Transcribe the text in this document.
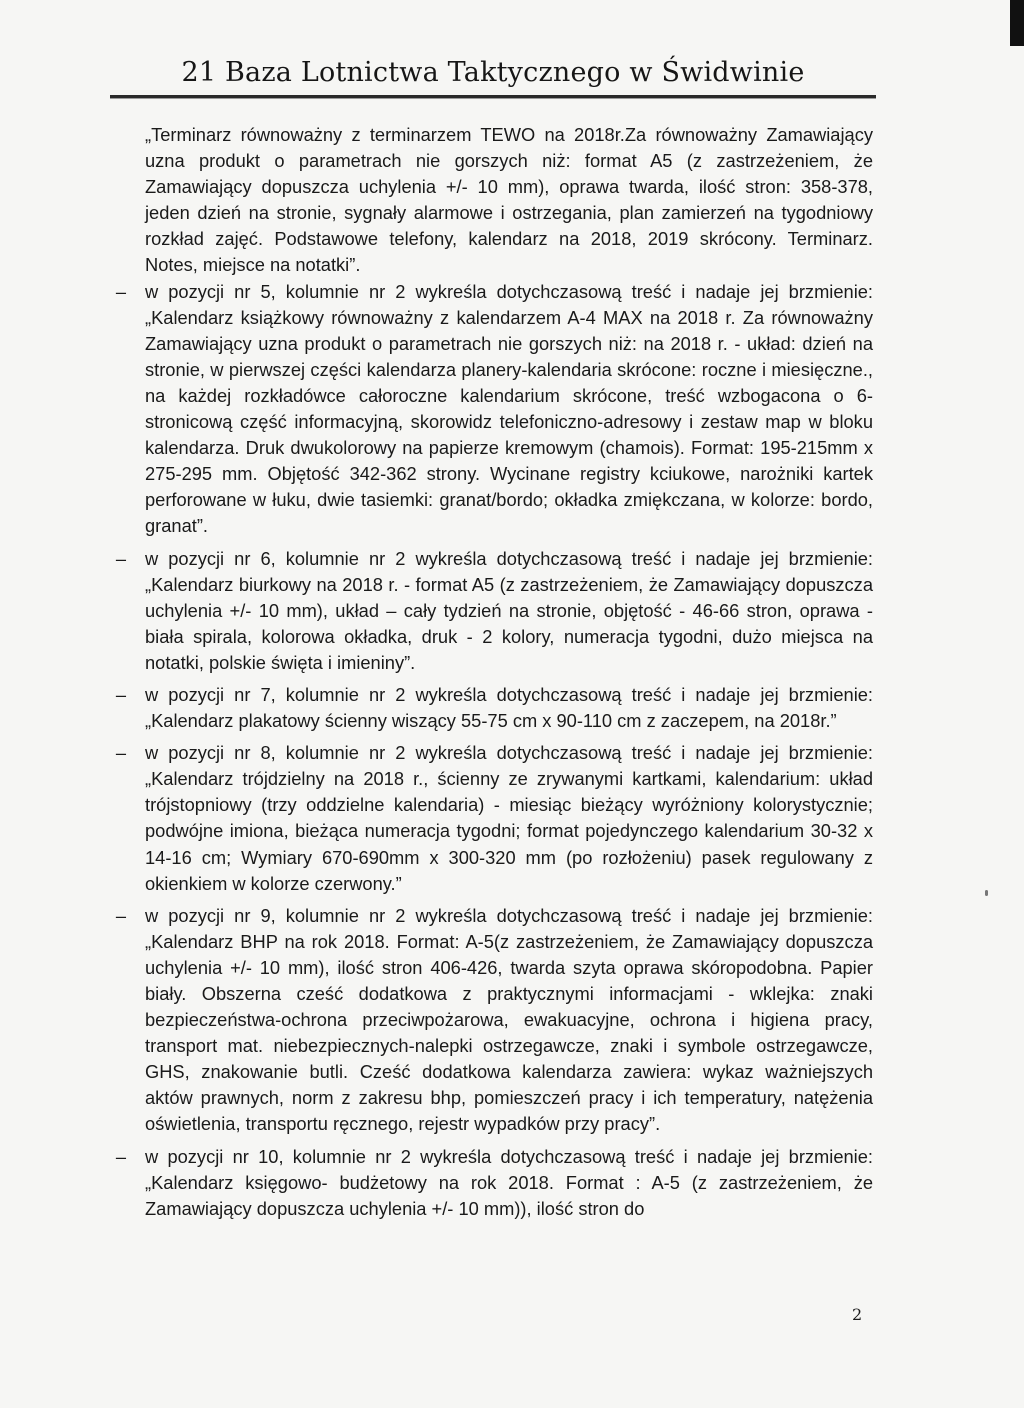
21 Baza Lotnictwa Taktycznego w Świdwinie

„Terminarz równoważny z terminarzem TEWO na 2018r.Za równoważny Zamawiający uzna produkt o parametrach nie gorszych niż: format A5 (z zastrzeżeniem, że Zamawiający dopuszcza uchylenia +/- 10 mm), oprawa twarda, ilość stron: 358-378, jeden dzień na stronie, sygnały alarmowe i ostrzegania, plan zamierzeń na tygodniowy rozkład zajęć. Podstawowe telefony, kalendarz na 2018, 2019 skrócony. Terminarz. Notes, miejsce na notatki”.

– w pozycji nr 5, kolumnie nr 2 wykreśla dotychczasową treść i nadaje jej brzmienie: „Kalendarz książkowy równoważny z kalendarzem A-4 MAX na 2018 r. Za równoważny Zamawiający uzna produkt o parametrach nie gorszych niż: na 2018 r. - układ: dzień na stronie, w pierwszej części kalendarza planery-kalendaria skrócone: roczne i miesięczne., na każdej rozkładówce całoroczne kalendarium skrócone, treść wzbogacona o 6-stronicową część informacyjną, skorowidz telefoniczno-adresowy i zestaw map w bloku kalendarza. Druk dwukolorowy na papierze kremowym (chamois). Format: 195-215mm x 275-295 mm. Objętość 342-362 strony. Wycinane registry kciukowe, narożniki kartek perforowane w łuku, dwie tasiemki: granat/bordo; okładka zmiękczana, w kolorze: bordo, granat”.
– w pozycji nr 6, kolumnie nr 2 wykreśla dotychczasową treść i nadaje jej brzmienie: „Kalendarz biurkowy na 2018 r. - format A5 (z zastrzeżeniem, że Zamawiający dopuszcza uchylenia +/- 10 mm), układ – cały tydzień na stronie, objętość - 46-66 stron, oprawa - biała spirala, kolorowa okładka, druk - 2 kolory, numeracja tygodni, dużo miejsca na notatki, polskie święta i imieniny”.
– w pozycji nr 7, kolumnie nr 2 wykreśla dotychczasową treść i nadaje jej brzmienie: „Kalendarz plakatowy ścienny wiszący 55-75 cm x 90-110 cm z zaczepem, na 2018r.”
– w pozycji nr 8, kolumnie nr 2 wykreśla dotychczasową treść i nadaje jej brzmienie: „Kalendarz trójdzielny na 2018 r., ścienny ze zrywanymi kartkami, kalendarium: układ trójstopniowy (trzy oddzielne kalendaria) - miesiąc bieżący wyróżniony kolorystycznie; podwójne imiona, bieżąca numeracja tygodni; format pojedynczego kalendarium 30-32 x 14-16 cm; Wymiary 670-690mm x 300-320 mm (po rozłożeniu) pasek regulowany z okienkiem w kolorze czerwony.”
– w pozycji nr 9, kolumnie nr 2 wykreśla dotychczasową treść i nadaje jej brzmienie: „Kalendarz BHP na rok 2018. Format: A-5(z zastrzeżeniem, że Zamawiający dopuszcza uchylenia +/- 10 mm), ilość stron 406-426, twarda szyta oprawa skóropodobna. Papier biały. Obszerna cześć dodatkowa z praktycznymi informacjami - wklejka: znaki bezpieczeństwa-ochrona przeciwpożarowa, ewakuacyjne, ochrona i higiena pracy, transport mat. niebezpiecznych-nalepki ostrzegawcze, znaki i symbole ostrzegawcze, GHS, znakowanie butli. Cześć dodatkowa kalendarza zawiera: wykaz ważniejszych aktów prawnych, norm z zakresu bhp, pomieszczeń pracy i ich temperatury, natężenia oświetlenia, transportu ręcznego, rejestr wypadków przy pracy”.
– w pozycji nr 10, kolumnie nr 2 wykreśla dotychczasową treść i nadaje jej brzmienie: „Kalendarz księgowo- budżetowy na rok 2018. Format : A-5 (z zastrzeżeniem, że Zamawiający dopuszcza uchylenia +/- 10 mm)), ilość stron do
2
